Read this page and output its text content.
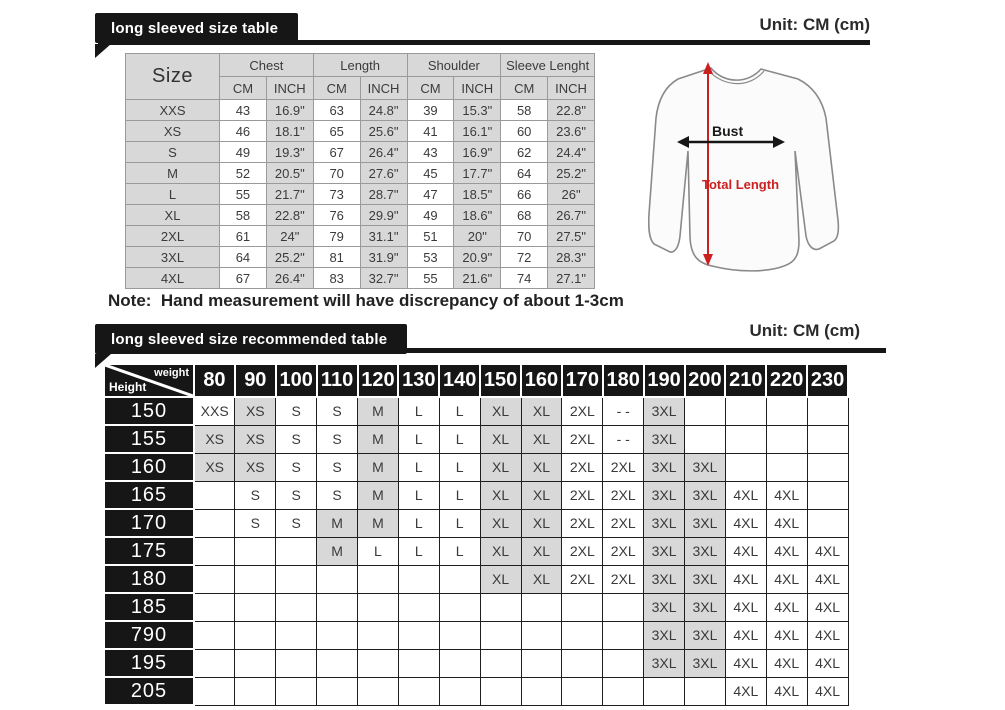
long sleeved size table	Unit: CM (cm)
Size	Chest		Length		Shoulder		Sleeve Lenght	
	CM	INCH	CM	INCH	CM	INCH	CM	INCH
XXS	43	16.9"	63	24.8"	39	15.3"	58	22.8"
XS	46	18.1"	65	25.6"	41	16.1"	60	23.6"
S	49	19.3"	67	26.4"	43	16.9"	62	24.4"
M	52	20.5"	70	27.6"	45	17.7"	64	25.2"
L	55	21.7"	73	28.7"	47	18.5"	66	26"
XL	58	22.8"	76	29.9"	49	18.6"	68	26.7"
2XL	61	24"	79	31.1"	51	20"	70	27.5"
3XL	64	25.2"	81	31.9"	53	20.9"	72	28.3"
4XL	67	26.4"	83	32.7"	55	21.6"	74	27.1"
Bust
Total Length
Note:  Hand measurement will have discrepancy of about 1-3cm
long sleeved size recommended table	Unit: CM (cm)
weight
Height	80	90	100	110	120	130	140	150	160	170	180	190	200	210	220	230
150	XXS	XS	S	S	M	L	L	XL	XL	2XL	- -	3XL				
155	XS	XS	S	S	M	L	L	XL	XL	2XL	- -	3XL				
160	XS	XS	S	S	M	L	L	XL	XL	2XL	2XL	3XL	3XL			
165		S	S	S	M	L	L	XL	XL	2XL	2XL	3XL	3XL	4XL	4XL	
170		S	S	M	M	L	L	XL	XL	2XL	2XL	3XL	3XL	4XL	4XL	
175				M	L	L	L	XL	XL	2XL	2XL	3XL	3XL	4XL	4XL	4XL
180								XL	XL	2XL	2XL	3XL	3XL	4XL	4XL	4XL
185												3XL	3XL	4XL	4XL	4XL
790												3XL	3XL	4XL	4XL	4XL
195												3XL	3XL	4XL	4XL	4XL
205														4XL	4XL	4XL
